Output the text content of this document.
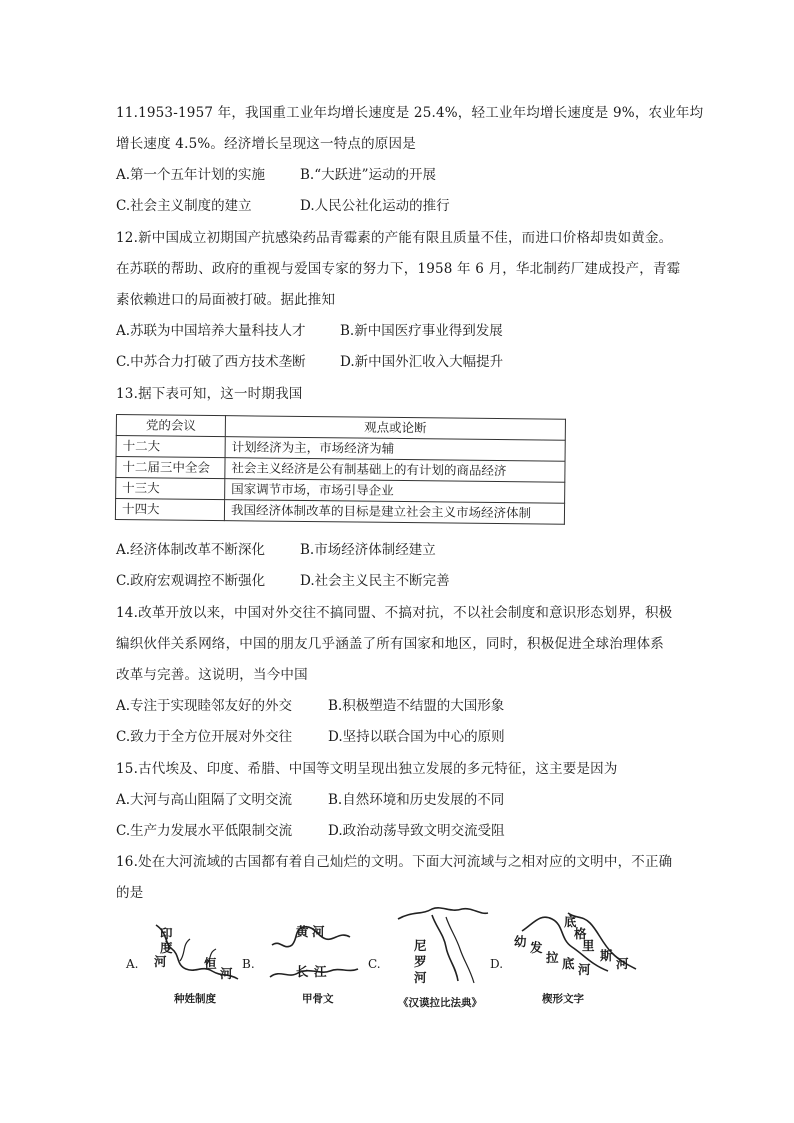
11.1953-1957 年，我国重工业年均增长速度是 25.4%，轻工业年均增长速度是 9%，农业年均
增长速度 4.5%。经济增长呈现这一特点的原因是
A.第一个五年计划的实施	B.“大跃进”运动的开展
C.社会主义制度的建立	D.人民公社化运动的推行
12.新中国成立初期国产抗感染药品青霉素的产能有限且质量不佳，而进口价格却贵如黄金。
在苏联的帮助、政府的重视与爱国专家的努力下，1958 年 6 月，华北制药厂建成投产，青霉
素依赖进口的局面被打破。据此推知
A.苏联为中国培养大量科技人才	B.新中国医疗事业得到发展
C.中苏合力打破了西方技术垄断	D.新中国外汇收入大幅提升
13.据下表可知，这一时期我国
党的会议	观点或论断
十二大	计划经济为主，市场经济为辅
十二届三中全会	社会主义经济是公有制基础上的有计划的商品经济
十三大	国家调节市场，市场引导企业
十四大	我国经济体制改革的目标是建立社会主义市场经济体制
A.经济体制改革不断深化	B.市场经济体制经建立
C.政府宏观调控不断强化	D.社会主义民主不断完善
14.改革开放以来，中国对外交往不搞同盟、不搞对抗，不以社会制度和意识形态划界，积极
编织伙伴关系网络，中国的朋友几乎涵盖了所有国家和地区，同时，积极促进全球治理体系
改革与完善。这说明，当今中国
A.专注于实现睦邻友好的外交	B.积极塑造不结盟的大国形象
C.致力于全方位开展对外交往	D.坚持以联合国为中心的原则
15.古代埃及、印度、希腊、中国等文明呈现出独立发展的多元特征，这主要是因为
A.大河与高山阻隔了文明交流	B.自然环境和历史发展的不同
C.生产力发展水平低限制交流	D.政治动荡导致文明交流受阻
16.处在大河流域的古国都有着自己灿烂的文明。下面大河流域与之相对应的文明中，不正确
的是
A.
印
度
河	恒
河
种姓制度
B.
黄 河
长 江
甲骨文
C.
尼
罗
河
《汉谟拉比法典》
D.
幼 发
拉 底 河
底
格
里
斯
河
楔形文字
